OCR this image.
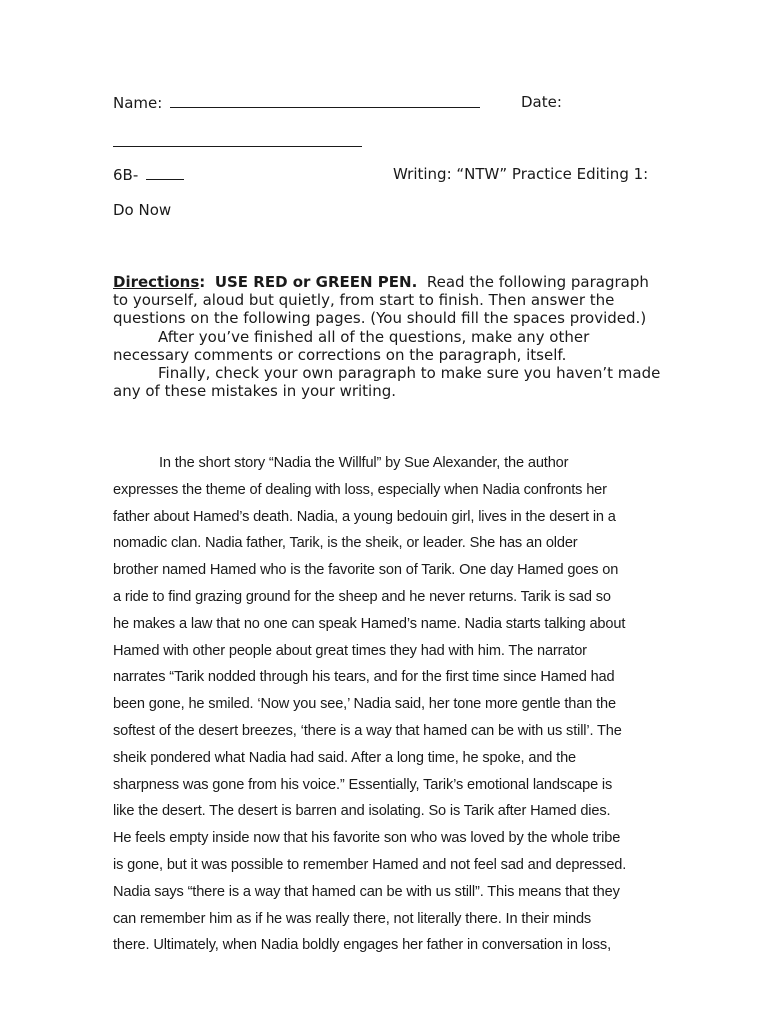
Name:	Date:
6B-	Writing: “NTW” Practice Editing 1:
Do Now

Directions: USE RED or GREEN PEN. Read the following paragraph to yourself, aloud but quietly, from start to finish. Then answer the questions on the following pages. (You should fill the spaces provided.)

After you’ve finished all of the questions, make any other necessary comments or corrections on the paragraph, itself.

Finally, check your own paragraph to make sure you haven’t made any of these mistakes in your writing.

In the short story “Nadia the Willful” by Sue Alexander, the author
expresses the theme of dealing with loss, especially when Nadia confronts her
father about Hamed’s death. Nadia, a young bedouin girl, lives in the desert in a
nomadic clan. Nadia father, Tarik, is the sheik, or leader. She has an older
brother named Hamed who is the favorite son of Tarik. One day Hamed goes on
a ride to find grazing ground for the sheep and he never returns. Tarik is sad so
he makes a law that no one can speak Hamed’s name. Nadia starts talking about
Hamed with other people about great times they had with him. The narrator
narrates “Tarik nodded through his tears, and for the first time since Hamed had
been gone, he smiled. ‘Now you see,’ Nadia said, her tone more gentle than the
softest of the desert breezes, ‘there is a way that hamed can be with us still’. The
sheik pondered what Nadia had said. After a long time, he spoke, and the
sharpness was gone from his voice.” Essentially, Tarik’s emotional landscape is
like the desert. The desert is barren and isolating. So is Tarik after Hamed dies.
He feels empty inside now that his favorite son who was loved by the whole tribe
is gone, but it was possible to remember Hamed and not feel sad and depressed.
Nadia says “there is a way that hamed can be with us still”. This means that they
can remember him as if he was really there, not literally there. In their minds
there. Ultimately, when Nadia boldly engages her father in conversation in loss,
